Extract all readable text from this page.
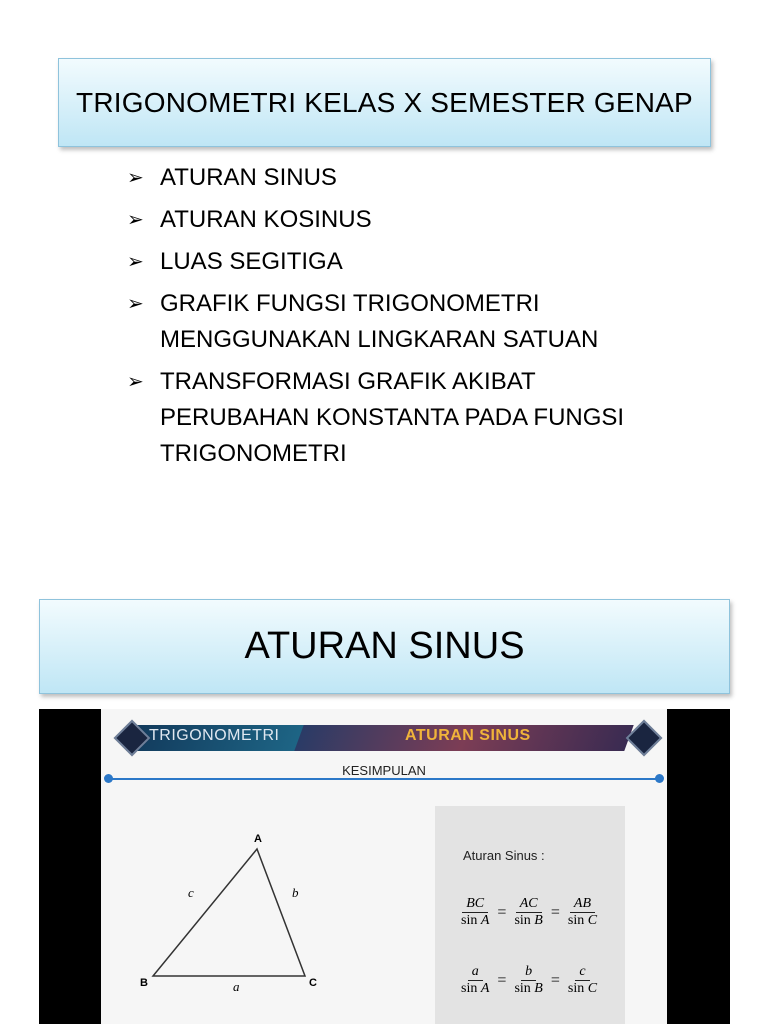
TRIGONOMETRI KELAS X SEMESTER GENAP
➢ ATURAN SINUS
➢ ATURAN KOSINUS
➢ LUAS SEGITIGA
➢ GRAFIK FUNGSI TRIGONOMETRI
MENGGUNAKAN LINGKARAN SATUAN
➢ TRANSFORMASI GRAFIK AKIBAT
PERUBAHAN KONSTANTA PADA FUNGSI
TRIGONOMETRI
ATURAN SINUS
TRIGONOMETRI	ATURAN SINUS
KESIMPULAN
A
B	C
a
b
c
Aturan Sinus :
$\frac{BC}{\text{sin A}} = \frac{AC}{\text{sin B}} = \frac{AB}{\text{sin C}}$
$\frac{a}{\text{sin A}} = \frac{b}{\text{sin B}} = \frac{c}{\text{sin C}}$
